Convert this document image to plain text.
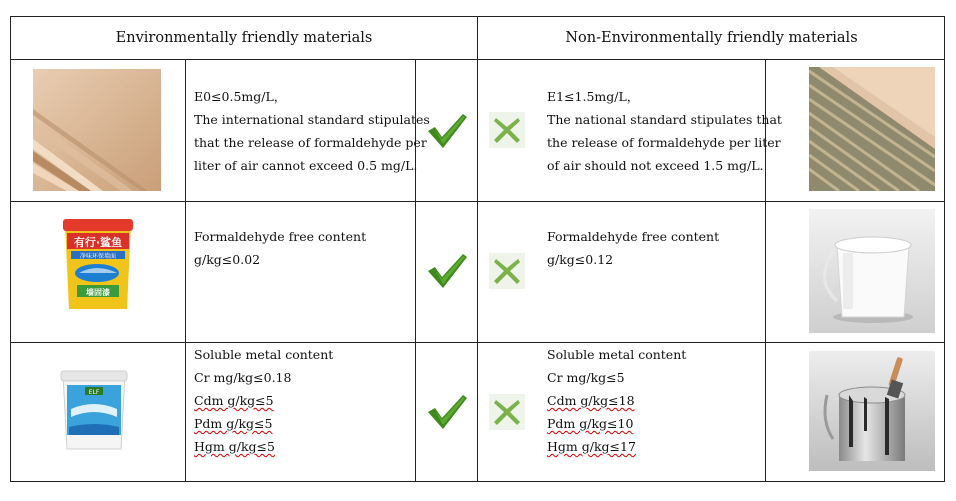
Environmentally friendly materials	Non-Environmentally friendly materials
E0≤0.5mg/L，
The international standard stipulates
that the release of formaldehyde per
liter of air cannot exceed 0.5 mg/L.
E1≤1.5mg/L，
The national standard stipulates that
the release of formaldehyde per liter
of air should not exceed 1.5 mg/L.
有行·鲨鱼
净味环保墙面
墙固漆
Formaldehyde free content
g/kg≤0.02
Formaldehyde free content
g/kg≤0.12
ELF
Soluble metal content
Cr mg/kg≤0.18
Cdm g/kg≤5
Pdm g/kg≤5
Hgm g/kg≤5
Soluble metal content
Cr mg/kg≤5
Cdm g/kg≤18
Pdm g/kg≤10
Hgm g/kg≤17
